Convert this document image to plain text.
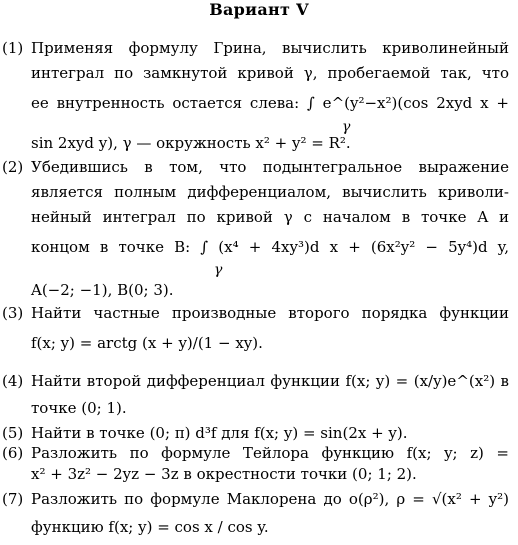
Вариант V
(1) Применяя формулу Грина, вычислить криволинейный
интеграл по замкнутой кривой γ, пробегаемой так, что
ее внутренность остается слева: ∫ e^(y²−x²)(cos 2xyd x +
γ
sin 2xyd y), γ — окружность x² + y² = R².
(2) Убедившись в том, что подынтегральное выражение
является полным дифференциалом, вычислить криволи-
нейный интеграл по кривой γ с началом в точке A и
концом в точке B: ∫ (x⁴ + 4xy³)d x + (6x²y² − 5y⁴)d y,
γ
A(−2; −1), B(0; 3).
(3) Найти частные производные второго порядка функции
f(x; y) = arctg (x + y)/(1 − xy).
(4) Найти второй дифференциал функции f(x; y) = (x/y)e^(x²) в
точке (0; 1).
(5) Найти в точке (0; π) d³f для f(x; y) = sin(2x + y).
(6) Разложить по формуле Тейлора функцию f(x; y; z) =
x² + 3z² − 2yz − 3z в окрестности точки (0; 1; 2).
(7) Разложить по формуле Маклорена до o(ρ²), ρ = √(x² + y²)
функцию f(x; y) = cos x / cos y.
